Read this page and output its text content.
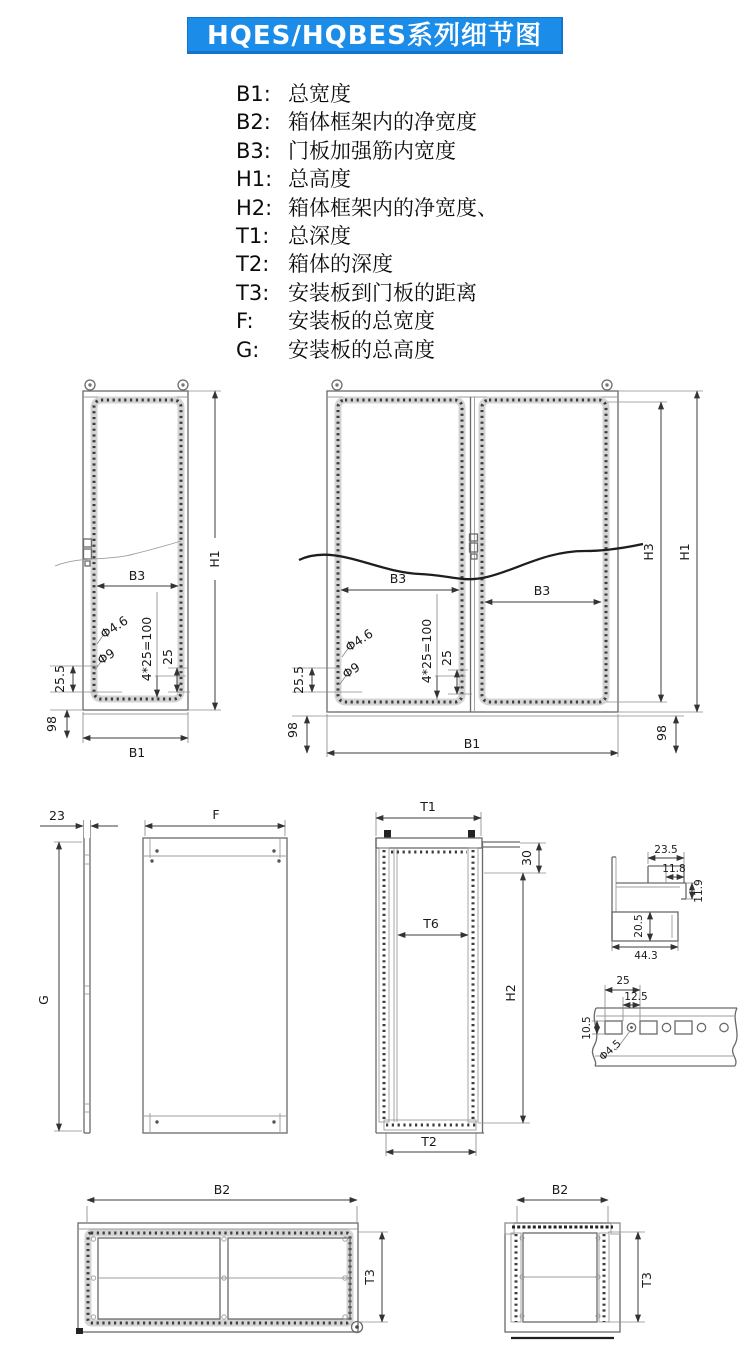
HQES/HQBES系列细节图
B1: 总宽度
B2: 箱体框架内的净宽度
B3: 门板加强筋内宽度
H1: 总高度
H2: 箱体框架内的净宽度、
T1: 总深度
T2: 箱体的深度
T3: 安装板到门板的距离
F: 安装板的总宽度
G: 安装板的总高度
B3
H1
Φ4.6
Φ9 4*25=100 25
25.5
98
B1
B3
B3
Φ4.6
Φ9	4*25=100 25
25.5
98	98
H3 H1
B1
23
G
F
T1
T6
30
H2
T2
23.5
11.8
11.9
20.5
44.3
25
12.5
10.5
Φ4.5
B2
T3
B2
T3
